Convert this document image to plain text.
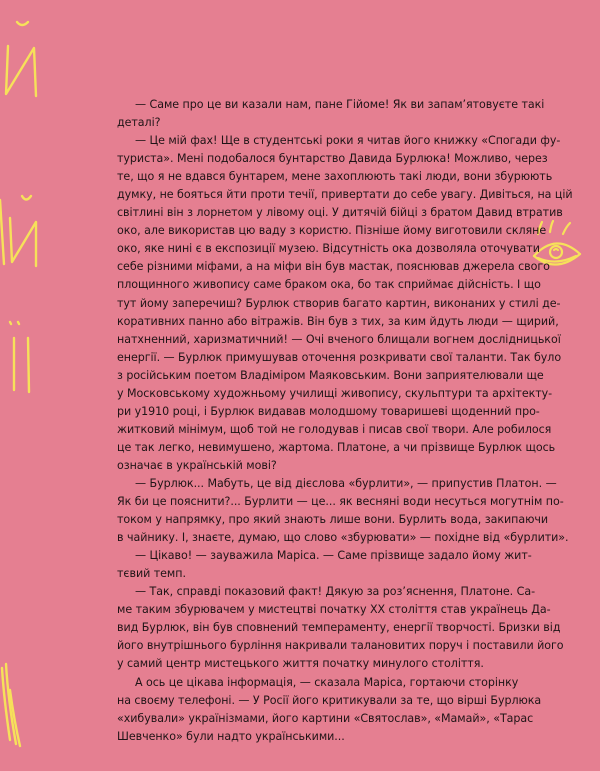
— Саме про це ви казали нам, пане Гійоме! Як ви запам’ятовуєте такі
деталі?
— Це мій фах! Ще в студентські роки я читав його книжку «Спогади фу-
туриста». Мені подобалося бунтарство Давида Бурлюка! Можливо, через
те, що я не вдався бунтарем, мене захоплюють такі люди, вони збурюють
думку, не бояться йти проти течії, привертати до себе увагу. Дивіться, на цій
світлині він з лорнетом у лівому оці. У дитячій бійці з братом Давид втратив
око, але використав цю ваду з користю. Пізніше йому виготовили скляне
око, яке нині є в експозиції музею. Відсутність ока дозволяла оточувати
себе різними міфами, а на міфи він був мастак, пояснював джерела свого
площинного живопису саме браком ока, бо так сприймає дійсність. І що
тут йому заперечиш? Бурлюк створив багато картин, виконаних у стилі де-
коративних панно або вітражів. Він був з тих, за ким йдуть люди — щирий,
натхненний, харизматичний! — Очі вченого блищали вогнем дослідницької
енергії. — Бурлюк примушував оточення розкривати свої таланти. Так було
з російським поетом Владіміром Маяковським. Вони заприятелювали ще
у Московському художньому училищі живопису, скульптури та архітекту-
ри у1910 році, і Бурлюк видавав молодшому товаришеві щоденний про-
житковий мінімум, щоб той не голодував і писав свої твори. Але робилося
це так легко, невимушено, жартома. Платоне, а чи прізвище Бурлюк щось
означає в українській мові?
— Бурлюк... Мабуть, це від дієслова «бурлити», — припустив Платон. —
Як би це пояснити?... Бурлити — це... як весняні води несуться могутнім по-
током у напрямку, про який знають лише вони. Бурлить вода, закипаючи
в чайнику. І, знаєте, думаю, що слово «збурювати» — похідне від «бурлити».
— Цікаво! — зауважила Маріса. — Саме прізвище задало йому жит-
тєвий темп.
— Так, справді показовий факт! Дякую за роз’яснення, Платоне. Са-
ме таким збурювачем у мистецтві початку ХХ століття став українець Да-
вид Бурлюк, він був сповнений темпераменту, енергії творчості. Бризки від
його внутрішнього бурління накривали талановитих поруч і поставили його
у самий центр мистецького життя початку минулого століття.
А ось це цікава інформація, — сказала Маріса, гортаючи сторінку
на своєму телефоні. — У Росії його критикували за те, що вірші Бурлюка
«хибували» українізмами, його картини «Святослав», «Мамай», «Тарас
Шевченко» були надто українськими...
